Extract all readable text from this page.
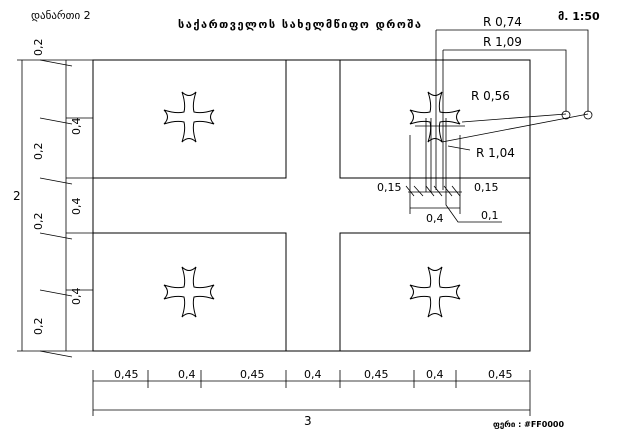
დანართი 2
საქართველოს სახელმწიფო დროშა
მ. 1:50
ფერი : #FF0000
0,45	0,4	0,45	0,4	0,45	0,4	0,45
3
2
0,2
0,2
0,2
0,2
0,4
0,4
0,4
R 0,74
R 1,09
R 0,56
R 1,04
0,15	0,15
0,4	0,1
